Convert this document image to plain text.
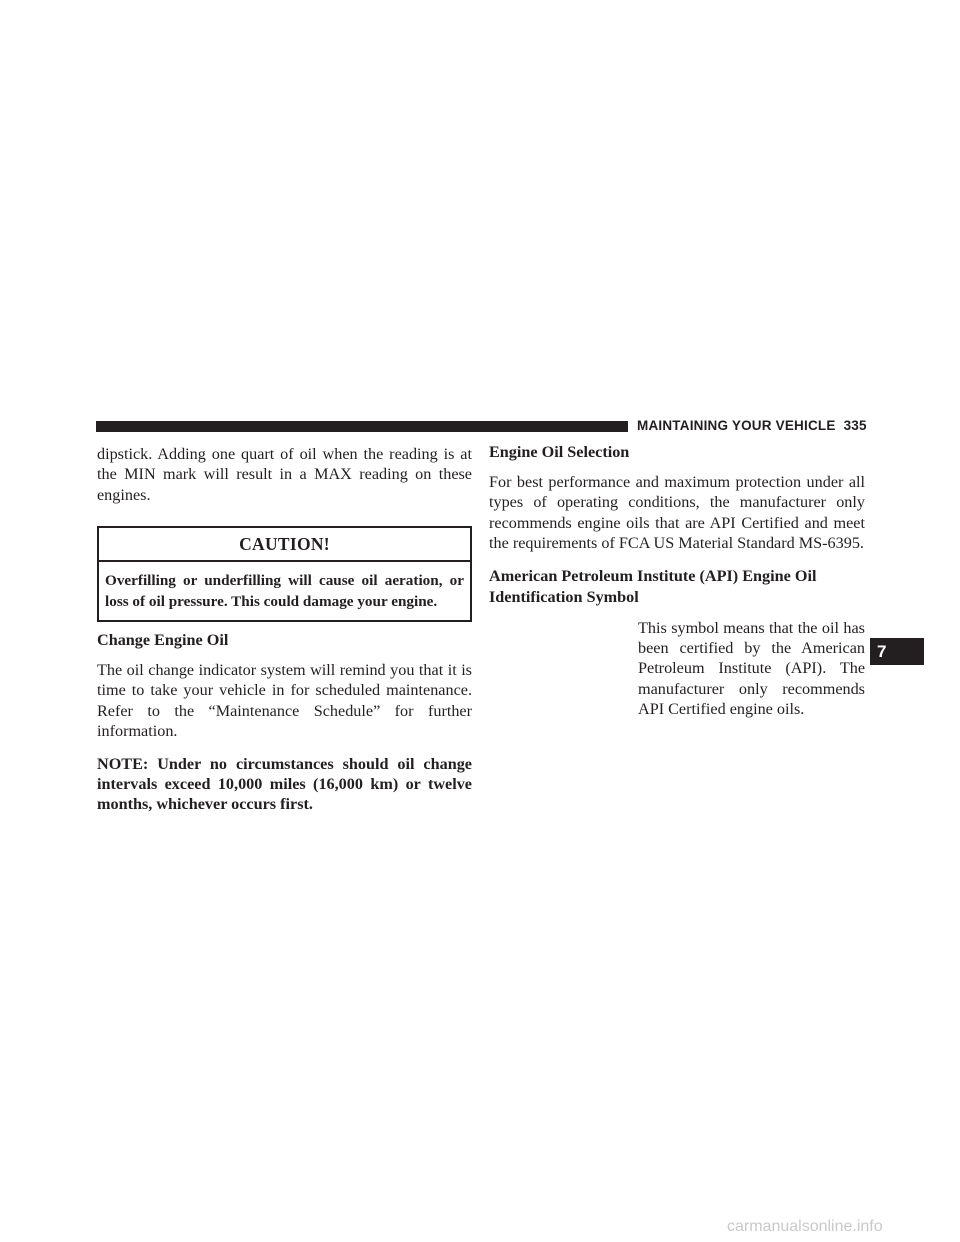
MAINTAINING YOUR VEHICLE 335

dipstick. Adding one quart of oil when the reading is at the MIN mark will result in a MAX reading on these engines.

CAUTION!
Overfilling or underfilling will cause oil aeration, or loss of oil pressure. This could damage your engine.
Change Engine Oil

The oil change indicator system will remind you that it is time to take your vehicle in for scheduled maintenance. Refer to the “Maintenance Schedule” for further information.

NOTE: Under no circumstances should oil change intervals exceed 10,000 miles (16,000 km) or twelve months, whichever occurs first.

Engine Oil Selection

For best performance and maximum protection under all types of operating conditions, the manufacturer only recommends engine oils that are API Certified and meet the requirements of FCA US Material Standard MS-6395.

American Petroleum Institute (API) Engine Oil
Identification Symbol

This symbol means that the oil has been certified by the American Petroleum Institute (API). The manufacturer only recommends API Certified engine oils.

7
carmanualsonline.info
